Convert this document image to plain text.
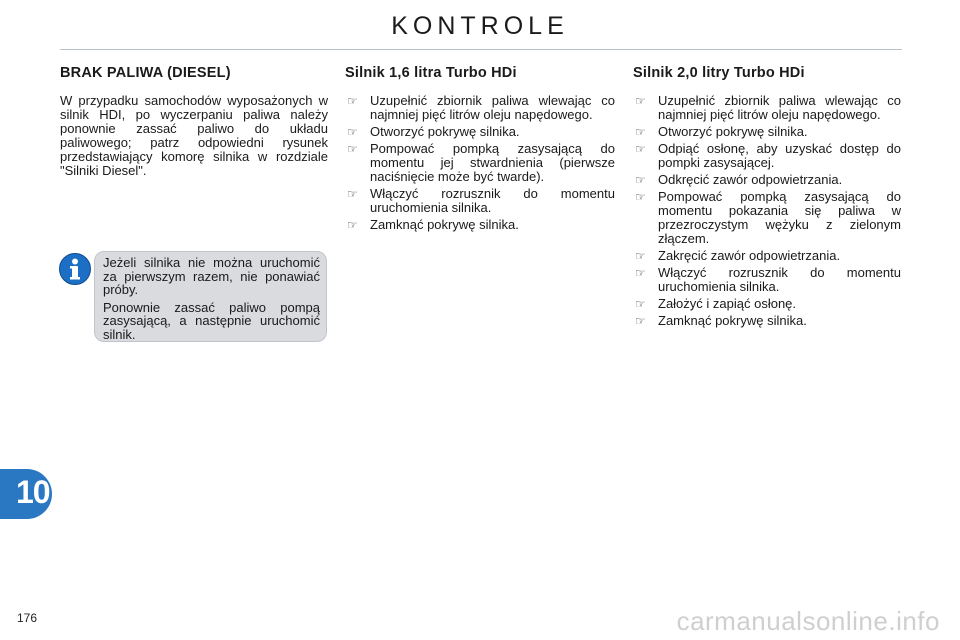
KONTROLE
BRAK PALIWA (DIESEL)

W przypadku samochodów wyposażonych w silnik HDI, po wyczerpaniu paliwa należy ponownie zassać paliwo do układu paliwowego; patrz odpowiedni rysunek przedstawiający komorę silnika w rozdziale "Silniki Diesel".

Jeżeli silnika nie można uruchomić za pierwszym razem, nie ponawiać próby.

Ponownie zassać paliwo pompą zasysającą, a następnie uruchomić silnik.

Silnik 1,6 litra Turbo HDi
☞ Uzupełnić zbiornik paliwa wlewając co najmniej pięć litrów oleju napędowego.
☞ Otworzyć pokrywę silnika.
☞ Pompować pompką zasysającą do momentu jej stwardnienia (pierwsze naciśnięcie może być twarde).
☞ Włączyć rozrusznik do momentu uruchomienia silnika.
☞ Zamknąć pokrywę silnika.
Silnik 2,0 litry Turbo HDi
☞ Uzupełnić zbiornik paliwa wlewając co najmniej pięć litrów oleju napędowego.
☞ Otworzyć pokrywę silnika.
☞ Odpiąć osłonę, aby uzyskać dostęp do pompki zasysającej.
☞ Odkręcić zawór odpowietrzania.
☞ Pompować pompką zasysającą do momentu pokazania się paliwa w przezroczystym wężyku z zielonym złączem.
☞ Zakręcić zawór odpowietrzania.
☞ Włączyć rozrusznik do momentu uruchomienia silnika.
☞ Założyć i zapiąć osłonę.
☞ Zamknąć pokrywę silnika.
10
176	carmanualsonline.info
